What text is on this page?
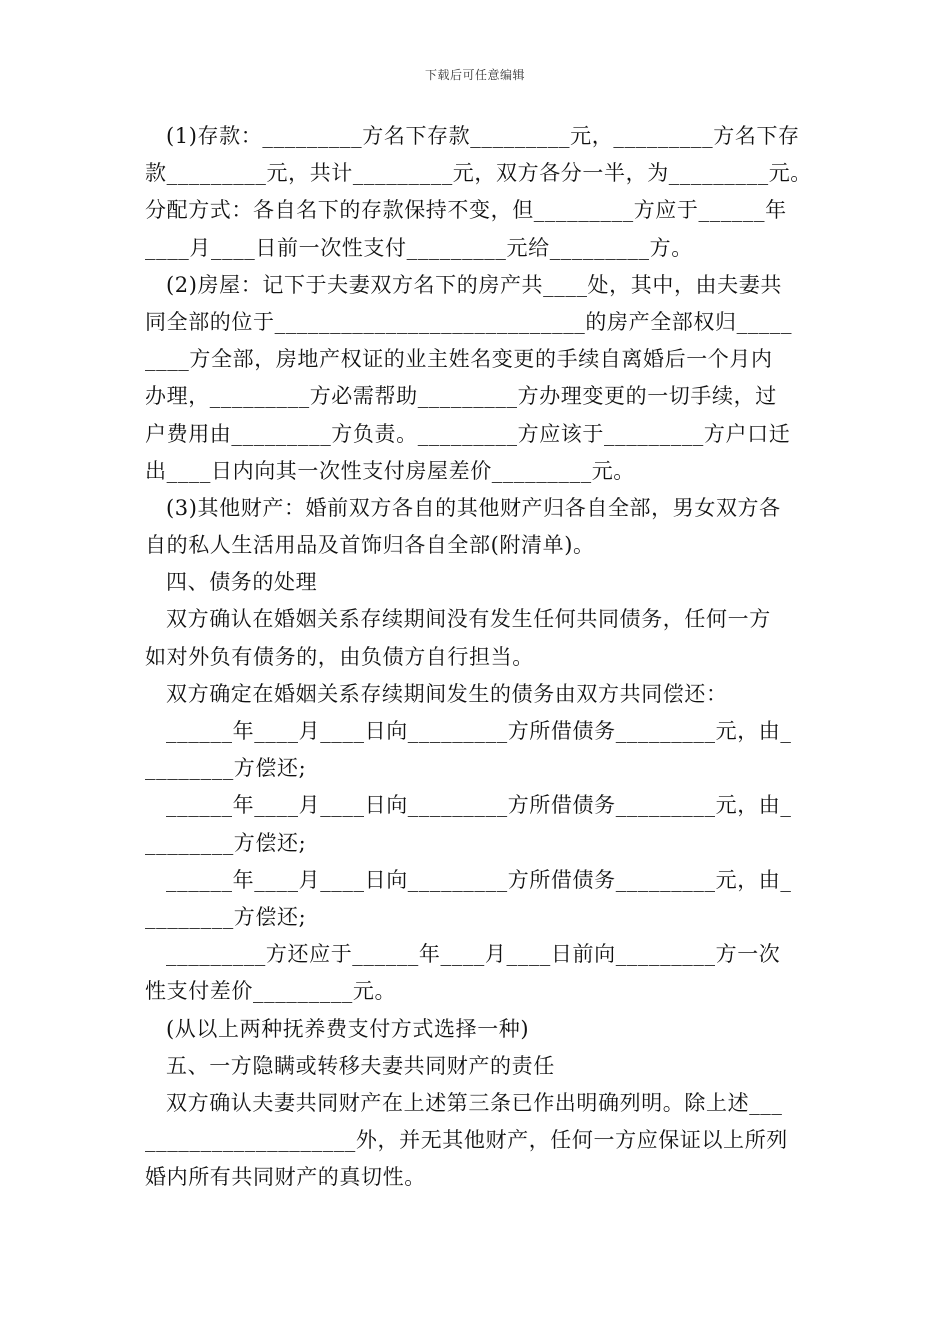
下载后可任意编辑
(1)存款：_________方名下存款_________元，_________方名下存
款_________元，共计_________元，双方各分一半，为_________元。
分配方式：各自名下的存款保持不变，但_________方应于______年
____月____日前一次性支付_________元给_________方。
(2)房屋：记下于夫妻双方名下的房产共____处，其中，由夫妻共
同全部的位于____________________________的房产全部权归_____
____方全部，房地产权证的业主姓名变更的手续自离婚后一个月内
办理，_________方必需帮助_________方办理变更的一切手续，过
户费用由_________方负责。_________方应该于_________方户口迁
出____日内向其一次性支付房屋差价_________元。
(3)其他财产：婚前双方各自的其他财产归各自全部，男女双方各
自的私人生活用品及首饰归各自全部(附清单)。
四、债务的处理
双方确认在婚姻关系存续期间没有发生任何共同债务，任何一方
如对外负有债务的，由负债方自行担当。
双方确定在婚姻关系存续期间发生的债务由双方共同偿还：
______年____月____日向_________方所借债务_________元，由_
________方偿还;
______年____月____日向_________方所借债务_________元，由_
________方偿还;
______年____月____日向_________方所借债务_________元，由_
________方偿还;
_________方还应于______年____月____日前向_________方一次
性支付差价_________元。
(从以上两种抚养费支付方式选择一种)
五、一方隐瞒或转移夫妻共同财产的责任
双方确认夫妻共同财产在上述第三条已作出明确列明。除上述___
___________________外，并无其他财产，任何一方应保证以上所列
婚内所有共同财产的真切性。
